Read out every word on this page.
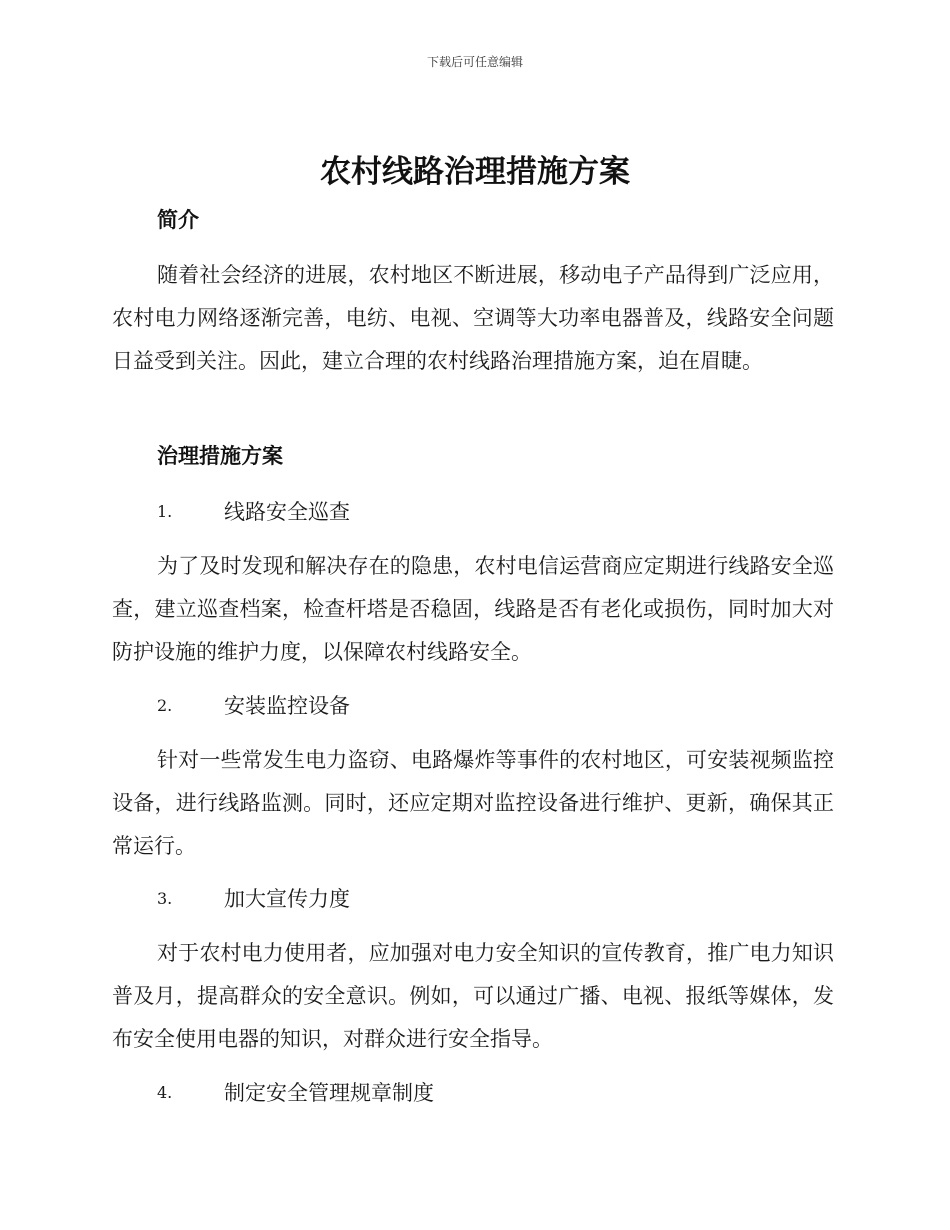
下载后可任意编辑
农村线路治理措施方案
简介

随着社会经济的进展，农村地区不断进展，移动电子产品得到广泛应用，农村电力网络逐渐完善，电纺、电视、空调等大功率电器普及，线路安全问题日益受到关注。因此，建立合理的农村线路治理措施方案，迫在眉睫。

治理措施方案
1. 线路安全巡查

为了及时发现和解决存在的隐患，农村电信运营商应定期进行线路安全巡查，建立巡查档案，检查杆塔是否稳固，线路是否有老化或损伤，同时加大对防护设施的维护力度，以保障农村线路安全。

2. 安装监控设备

针对一些常发生电力盗窃、电路爆炸等事件的农村地区，可安装视频监控设备，进行线路监测。同时，还应定期对监控设备进行维护、更新，确保其正常运行。

3. 加大宣传力度

对于农村电力使用者，应加强对电力安全知识的宣传教育，推广电力知识普及月，提高群众的安全意识。例如，可以通过广播、电视、报纸等媒体，发布安全使用电器的知识，对群众进行安全指导。

4. 制定安全管理规章制度
